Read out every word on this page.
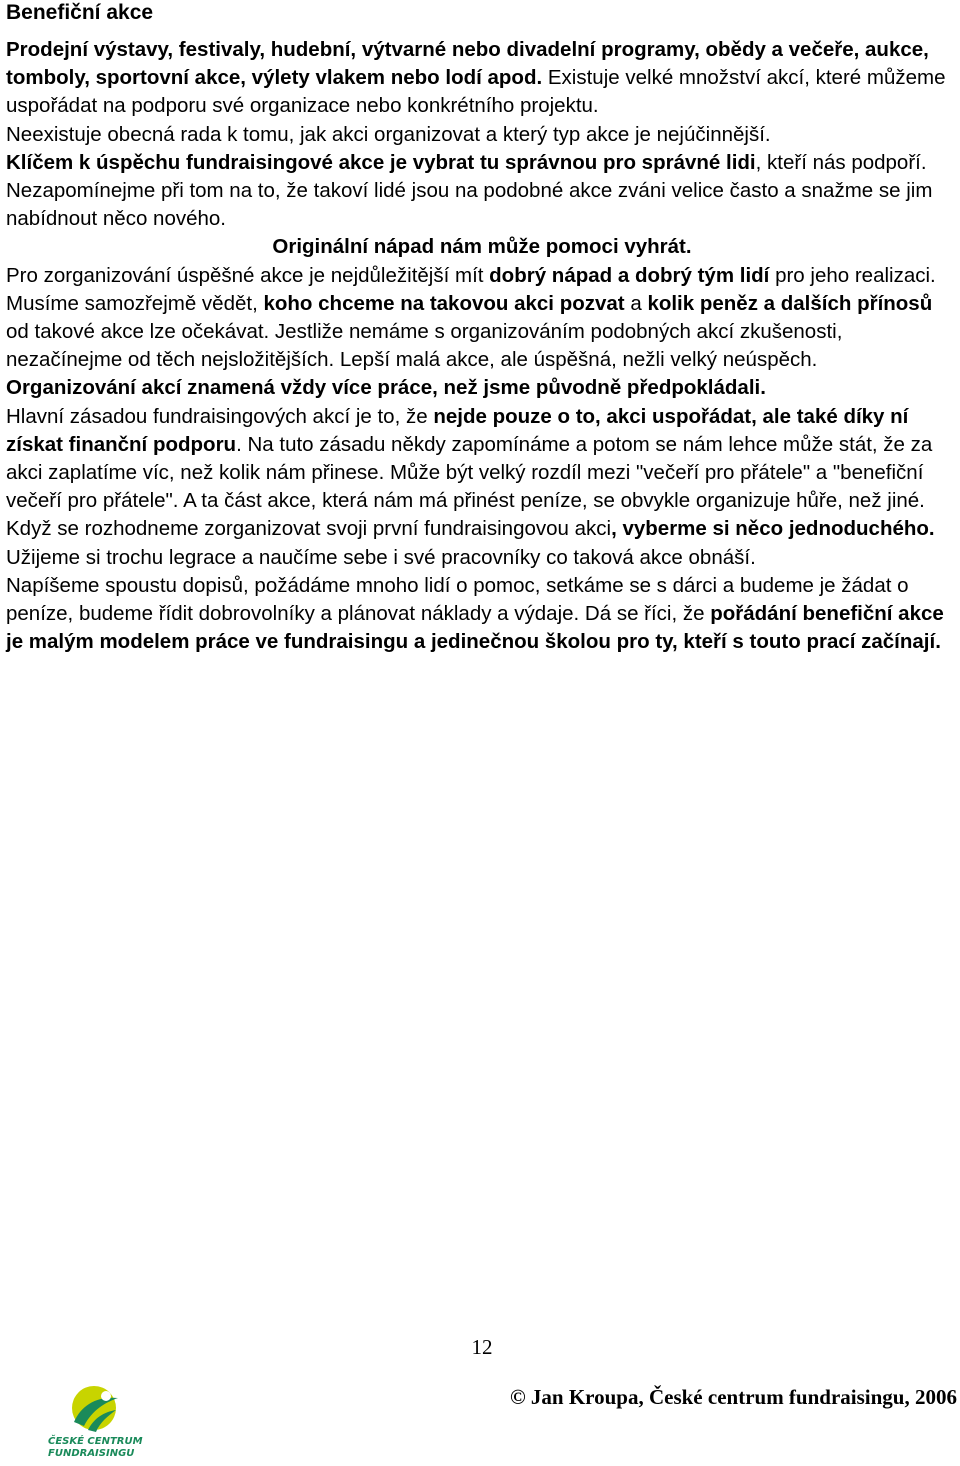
Benefiční akce

Prodejní výstavy, festivaly, hudební, výtvarné nebo divadelní programy, obědy a večeře, aukce, tomboly, sportovní akce, výlety vlakem nebo lodí apod. Existuje velké množství akcí, které můžeme uspořádat na podporu své organizace nebo konkrétního projektu.

Neexistuje obecná rada k tomu, jak akci organizovat a který typ akce je nejúčinnější.

Klíčem k úspěchu fundraisingové akce je vybrat tu správnou pro správné lidi, kteří nás podpoří. Nezapomínejme při tom na to, že takoví lidé jsou na podobné akce zváni velice často a snažme se jim nabídnout něco nového.

Originální nápad nám může pomoci vyhrát.

Pro zorganizování úspěšné akce je nejdůležitější mít dobrý nápad a dobrý tým lidí pro jeho realizaci. Musíme samozřejmě vědět, koho chceme na takovou akci pozvat a kolik peněz a dalších přínosů od takové akce lze očekávat. Jestliže nemáme s organizováním podobných akcí zkušenosti, nezačínejme od těch nejsložitějších. Lepší malá akce, ale úspěšná, nežli velký neúspěch.

Organizování akcí znamená vždy více práce, než jsme původně předpokládali.

Hlavní zásadou fundraisingových akcí je to, že nejde pouze o to, akci uspořádat, ale také díky ní získat finanční podporu. Na tuto zásadu někdy zapomínáme a potom se nám lehce může stát, že za akci zaplatíme víc, než kolik nám přinese. Může být velký rozdíl mezi "večeří pro přátele" a "benefiční večeří pro přátele". A ta část akce, která nám má přinést peníze, se obvykle organizuje hůře, než jiné.

Když se rozhodneme zorganizovat svoji první fundraisingovou akci, vyberme si něco jednoduchého. Užijeme si trochu legrace a naučíme sebe i své pracovníky co taková akce obnáší.

Napíšeme spoustu dopisů, požádáme mnoho lidí o pomoc, setkáme se s dárci a budeme je žádat o peníze, budeme řídit dobrovolníky a plánovat náklady a výdaje. Dá se říci, že pořádání benefiční akce je malým modelem práce ve fundraisingu a jedinečnou školou pro ty, kteří s touto prací začínají.

12
ČESKÉ CENTRUM
FUNDRAISINGU
© Jan Kroupa, České centrum fundraisingu, 2006
